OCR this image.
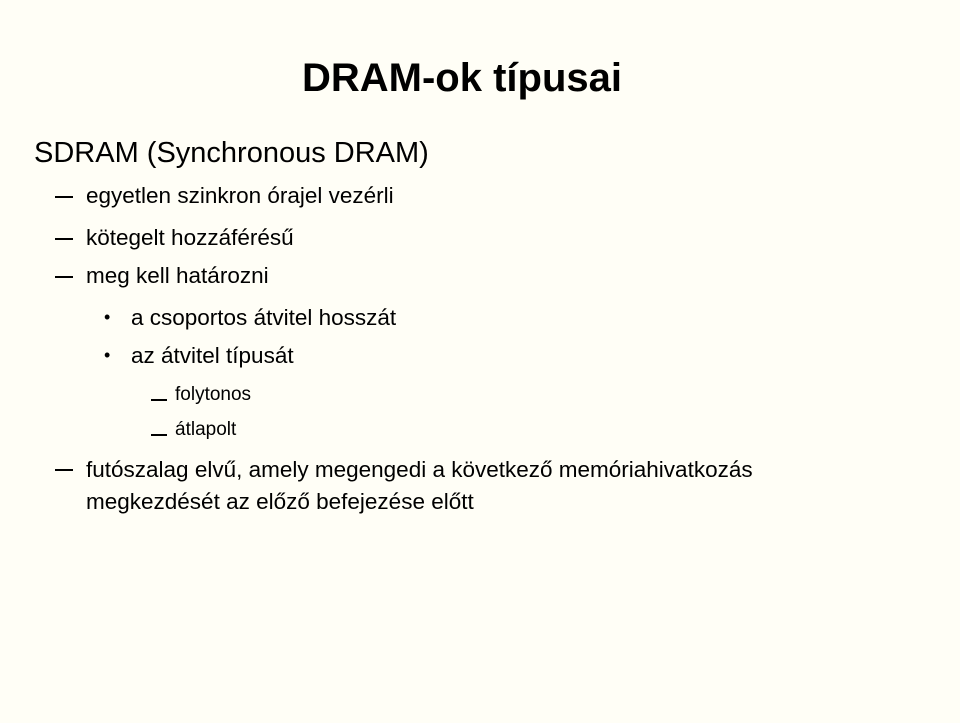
DRAM-ok típusai
SDRAM (Synchronous DRAM)
egyetlen szinkron órajel vezérli
kötegelt hozzáférésű
meg kell határozni
• a csoportos átvitel hosszát
• az átvitel típusát
folytonos
átlapolt
futószalag elvű, amely megengedi a következő memóriahivatkozás
megkezdését az előző befejezése előtt
